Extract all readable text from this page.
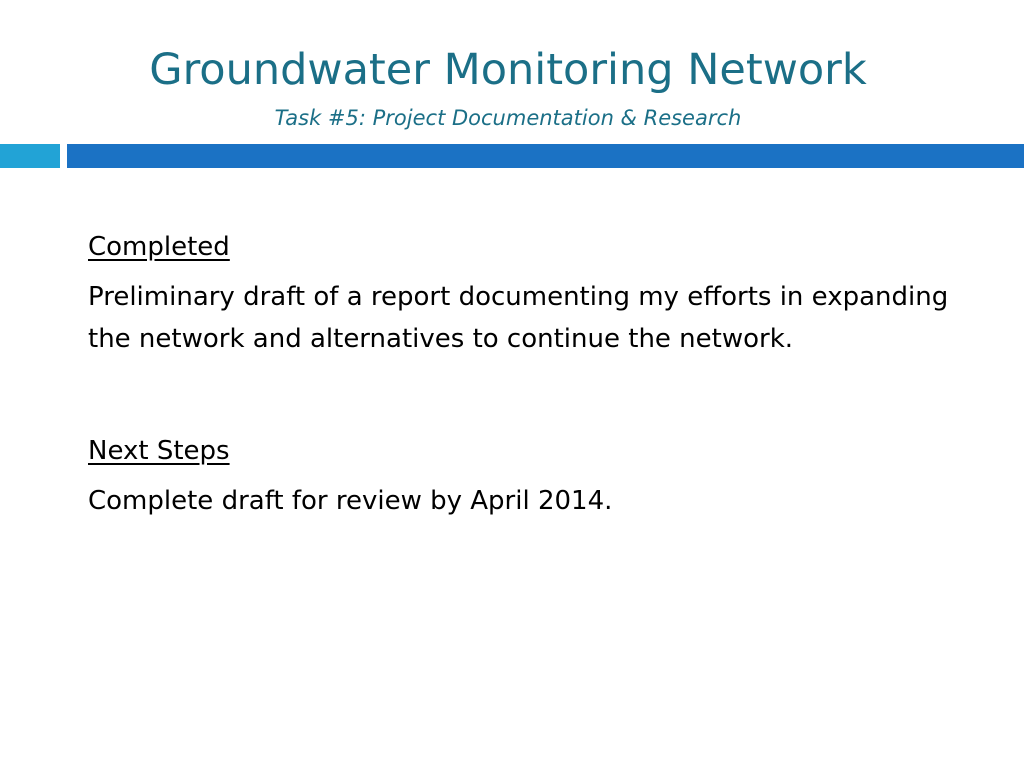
Groundwater Monitoring Network
Task #5: Project Documentation & Research

Completed

Preliminary draft of a report documenting my efforts in expanding the network and alternatives to continue the network.

Next Steps

Complete draft for review by April 2014.
